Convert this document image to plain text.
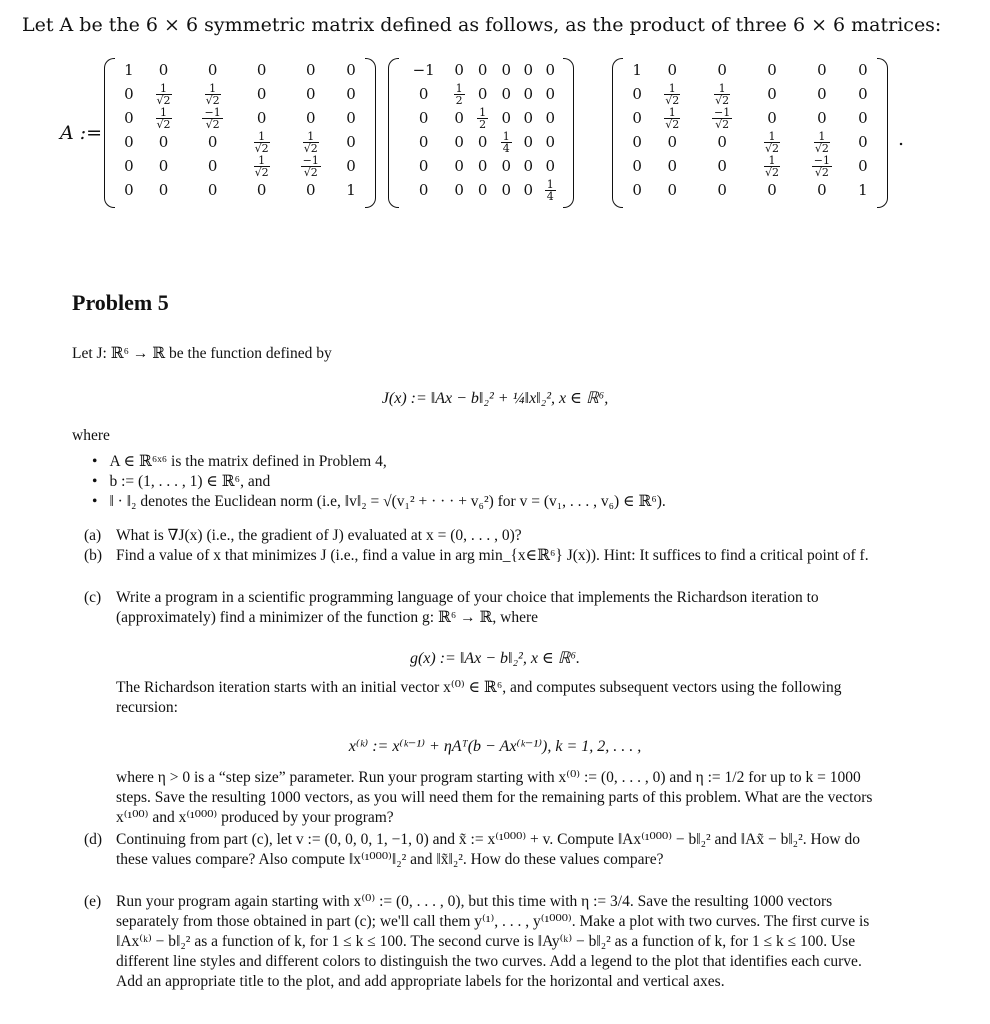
Let A be the 6 × 6 symmetric matrix defined as follows, as the product of three 6 × 6 matrices:
A :=
1	0	0	0	0	0
0	$\frac{1}{√2}$	$\frac{1}{√2}$	0	0	0
0	$\frac{1}{√2}$	$\frac{-1}{√2}$	0	0	0
0	0	0	$\frac{1}{√2}$	$\frac{1}{√2}$	0
0	0	0	$\frac{1}{√2}$	$\frac{-1}{√2}$	0
0	0	0	0	0	1
−1	0	0	0	0	0
0	$\frac{1}{2}$	0	0	0	0
0	0	$\frac{1}{2}$	0	0	0
0	0	0	$\frac{1}{4}$	0	0
0	0	0	0	0	0
0	0	0	0	0	$\frac{1}{4}$
1	0	0	0	0	0
0	$\frac{1}{√2}$	$\frac{1}{√2}$	0	0	0
0	$\frac{1}{√2}$	$\frac{-1}{√2}$	0	0	0
0	0	0	$\frac{1}{√2}$	$\frac{1}{√2}$	0
0	0	0	$\frac{1}{√2}$	$\frac{-1}{√2}$	0
0	0	0	0	0	1
.
Problem 5
Let J: ℝ⁶ → ℝ be the function defined by
J(x) := ‖Ax − b‖₂² + ¼‖x‖₂², x ∈ ℝ⁶,
where
• A ∈ ℝ⁶ˣ⁶ is the matrix defined in Problem 4,
• b := (1, . . . , 1) ∈ ℝ⁶, and
• ‖ · ‖₂ denotes the Euclidean norm (i.e, ‖v‖₂ = √(v₁² + · · · + v₆²) for v = (v₁, . . . , v₆) ∈ ℝ⁶).
(a) What is ∇J(x) (i.e., the gradient of J) evaluated at x = (0, . . . , 0)?
(b) Find a value of x that minimizes J (i.e., find a value in arg min_{x∈ℝ⁶} J(x)). Hint: It suffices to find a critical point of f.
(c) Write a program in a scientific programming language of your choice that implements the Richardson iteration to (approximately) find a minimizer of the function g: ℝ⁶ → ℝ, where
g(x) := ‖Ax − b‖₂², x ∈ ℝ⁶.
The Richardson iteration starts with an initial vector x⁽⁰⁾ ∈ ℝ⁶, and computes subsequent vectors using the following recursion:
x⁽ᵏ⁾ := x⁽ᵏ⁻¹⁾ + ηAᵀ(b − Ax⁽ᵏ⁻¹⁾), k = 1, 2, . . . ,
where η > 0 is a “step size” parameter. Run your program starting with x⁽⁰⁾ := (0, . . . , 0) and η := 1/2 for up to k = 1000 steps. Save the resulting 1000 vectors, as you will need them for the remaining parts of this problem. What are the vectors x⁽¹⁰⁰⁾ and x⁽¹⁰⁰⁰⁾ produced by your program?
(d) Continuing from part (c), let v := (0, 0, 0, 1, −1, 0) and x̃ := x⁽¹⁰⁰⁰⁾ + v. Compute ‖Ax⁽¹⁰⁰⁰⁾ − b‖₂² and ‖Ax̃ − b‖₂². How do these values compare? Also compute ‖x⁽¹⁰⁰⁰⁾‖₂² and ‖x̃‖₂². How do these values compare?
(e) Run your program again starting with x⁽⁰⁾ := (0, . . . , 0), but this time with η := 3/4. Save the resulting 1000 vectors separately from those obtained in part (c); we'll call them y⁽¹⁾, . . . , y⁽¹⁰⁰⁰⁾. Make a plot with two curves. The first curve is ‖Ax⁽ᵏ⁾ − b‖₂² as a function of k, for 1 ≤ k ≤ 100. The second curve is ‖Ay⁽ᵏ⁾ − b‖₂² as a function of k, for 1 ≤ k ≤ 100. Use different line styles and different colors to distinguish the two curves. Add a legend to the plot that identifies each curve. Add an appropriate title to the plot, and add appropriate labels for the horizontal and vertical axes.
